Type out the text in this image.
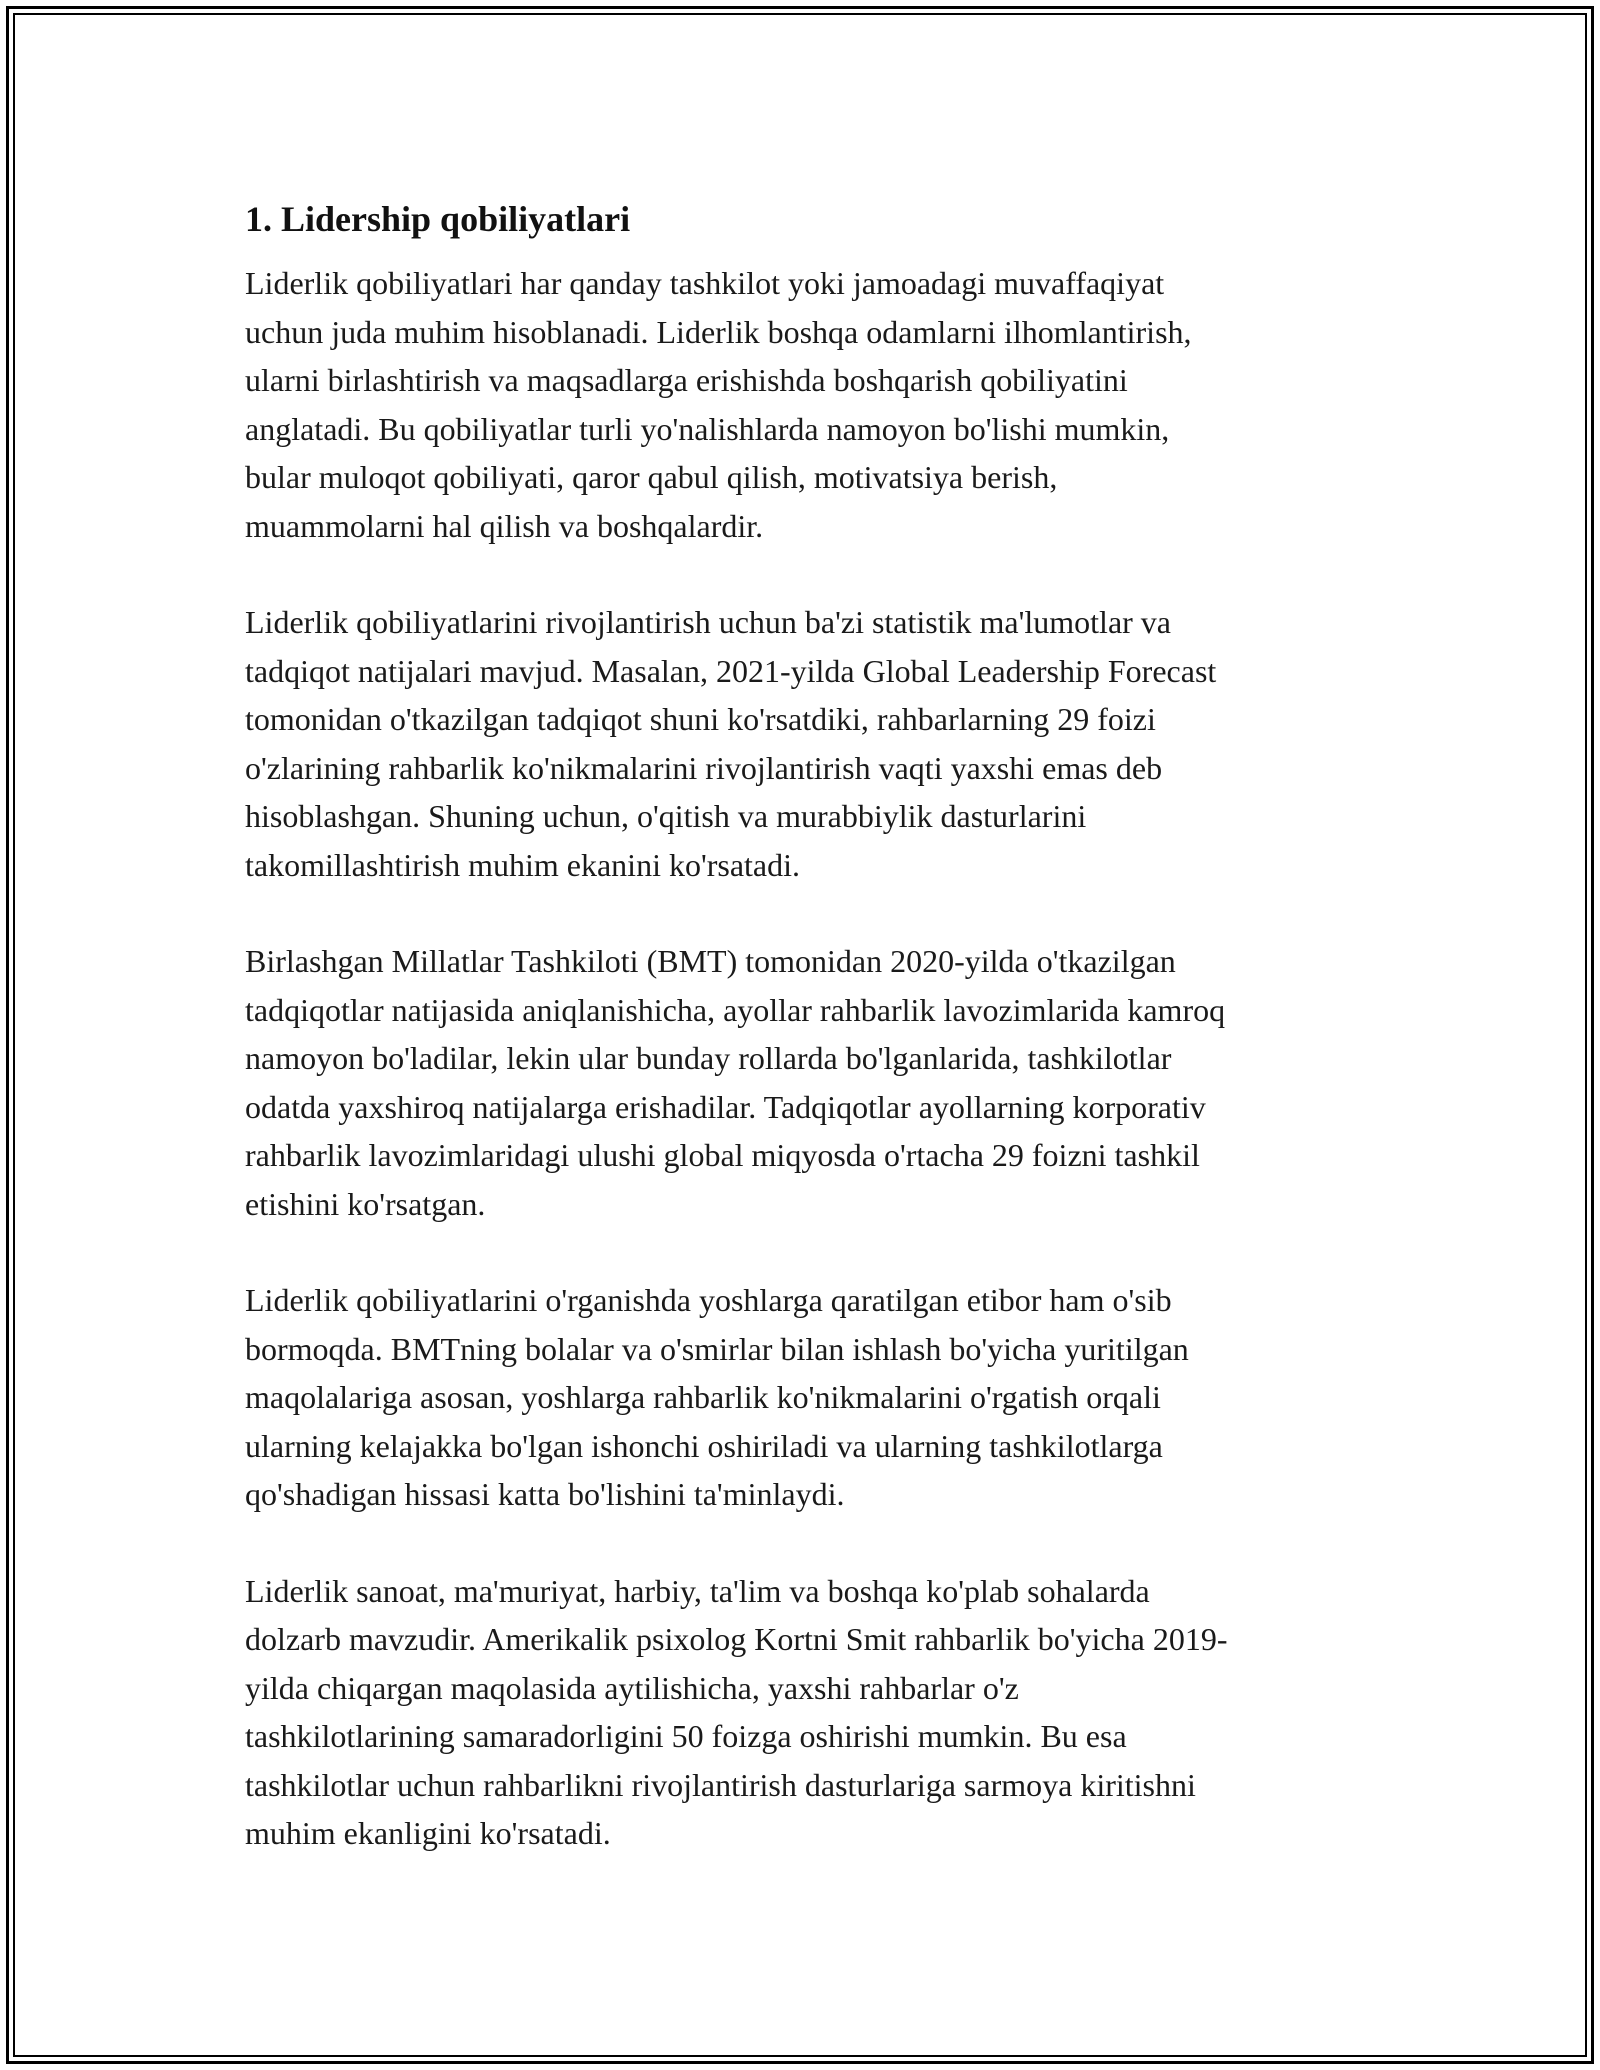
1. Lidership qobiliyatlari

Liderlik qobiliyatlari har qanday tashkilot yoki jamoadagi muvaffaqiyat
uchun juda muhim hisoblanadi. Liderlik boshqa odamlarni ilhomlantirish,
ularni birlashtirish va maqsadlarga erishishda boshqarish qobiliyatini
anglatadi. Bu qobiliyatlar turli yo'nalishlarda namoyon bo'lishi mumkin,
bular muloqot qobiliyati, qaror qabul qilish, motivatsiya berish,
muammolarni hal qilish va boshqalardir.

Liderlik qobiliyatlarini rivojlantirish uchun ba'zi statistik ma'lumotlar va
tadqiqot natijalari mavjud. Masalan, 2021-yilda Global Leadership Forecast
tomonidan o'tkazilgan tadqiqot shuni ko'rsatdiki, rahbarlarning 29 foizi
o'zlarining rahbarlik ko'nikmalarini rivojlantirish vaqti yaxshi emas deb
hisoblashgan. Shuning uchun, o'qitish va murabbiylik dasturlarini
takomillashtirish muhim ekanini ko'rsatadi.

Birlashgan Millatlar Tashkiloti (BMT) tomonidan 2020-yilda o'tkazilgan
tadqiqotlar natijasida aniqlanishicha, ayollar rahbarlik lavozimlarida kamroq
namoyon bo'ladilar, lekin ular bunday rollarda bo'lganlarida, tashkilotlar
odatda yaxshiroq natijalarga erishadilar. Tadqiqotlar ayollarning korporativ
rahbarlik lavozimlaridagi ulushi global miqyosda o'rtacha 29 foizni tashkil
etishini ko'rsatgan.

Liderlik qobiliyatlarini o'rganishda yoshlarga qaratilgan etibor ham o'sib
bormoqda. BMTning bolalar va o'smirlar bilan ishlash bo'yicha yuritilgan
maqolalariga asosan, yoshlarga rahbarlik ko'nikmalarini o'rgatish orqali
ularning kelajakka bo'lgan ishonchi oshiriladi va ularning tashkilotlarga
qo'shadigan hissasi katta bo'lishini ta'minlaydi.

Liderlik sanoat, ma'muriyat, harbiy, ta'lim va boshqa ko'plab sohalarda
dolzarb mavzudir. Amerikalik psixolog Kortni Smit rahbarlik bo'yicha 2019-
yilda chiqargan maqolasida aytilishicha, yaxshi rahbarlar o'z
tashkilotlarining samaradorligini 50 foizga oshirishi mumkin. Bu esa
tashkilotlar uchun rahbarlikni rivojlantirish dasturlariga sarmoya kiritishni
muhim ekanligini ko'rsatadi.
